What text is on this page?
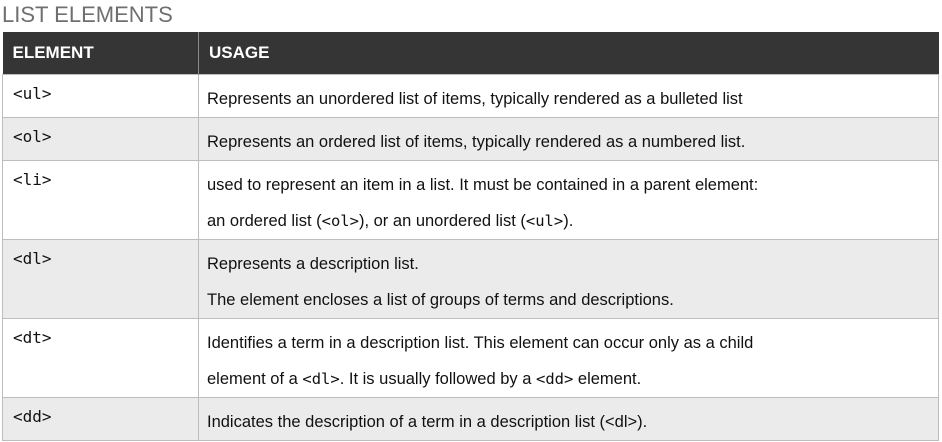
LIST ELEMENTS
ELEMENT	USAGE
<ul>	Represents an unordered list of items, typically rendered as a bulleted list

<ol>	Represents an ordered list of items, typically rendered as a numbered list.

<li>	used to represent an item in a list. It must be contained in a parent element:
an ordered list (<ol>), or an unordered list (<ul>).

<dl>	Represents a description list.
The element encloses a list of groups of terms and descriptions.

<dt>	Identifies a term in a description list. This element can occur only as a child
element of a <dl>. It is usually followed by a <dd> element.

<dd>	Indicates the description of a term in a description list (<dl>).
